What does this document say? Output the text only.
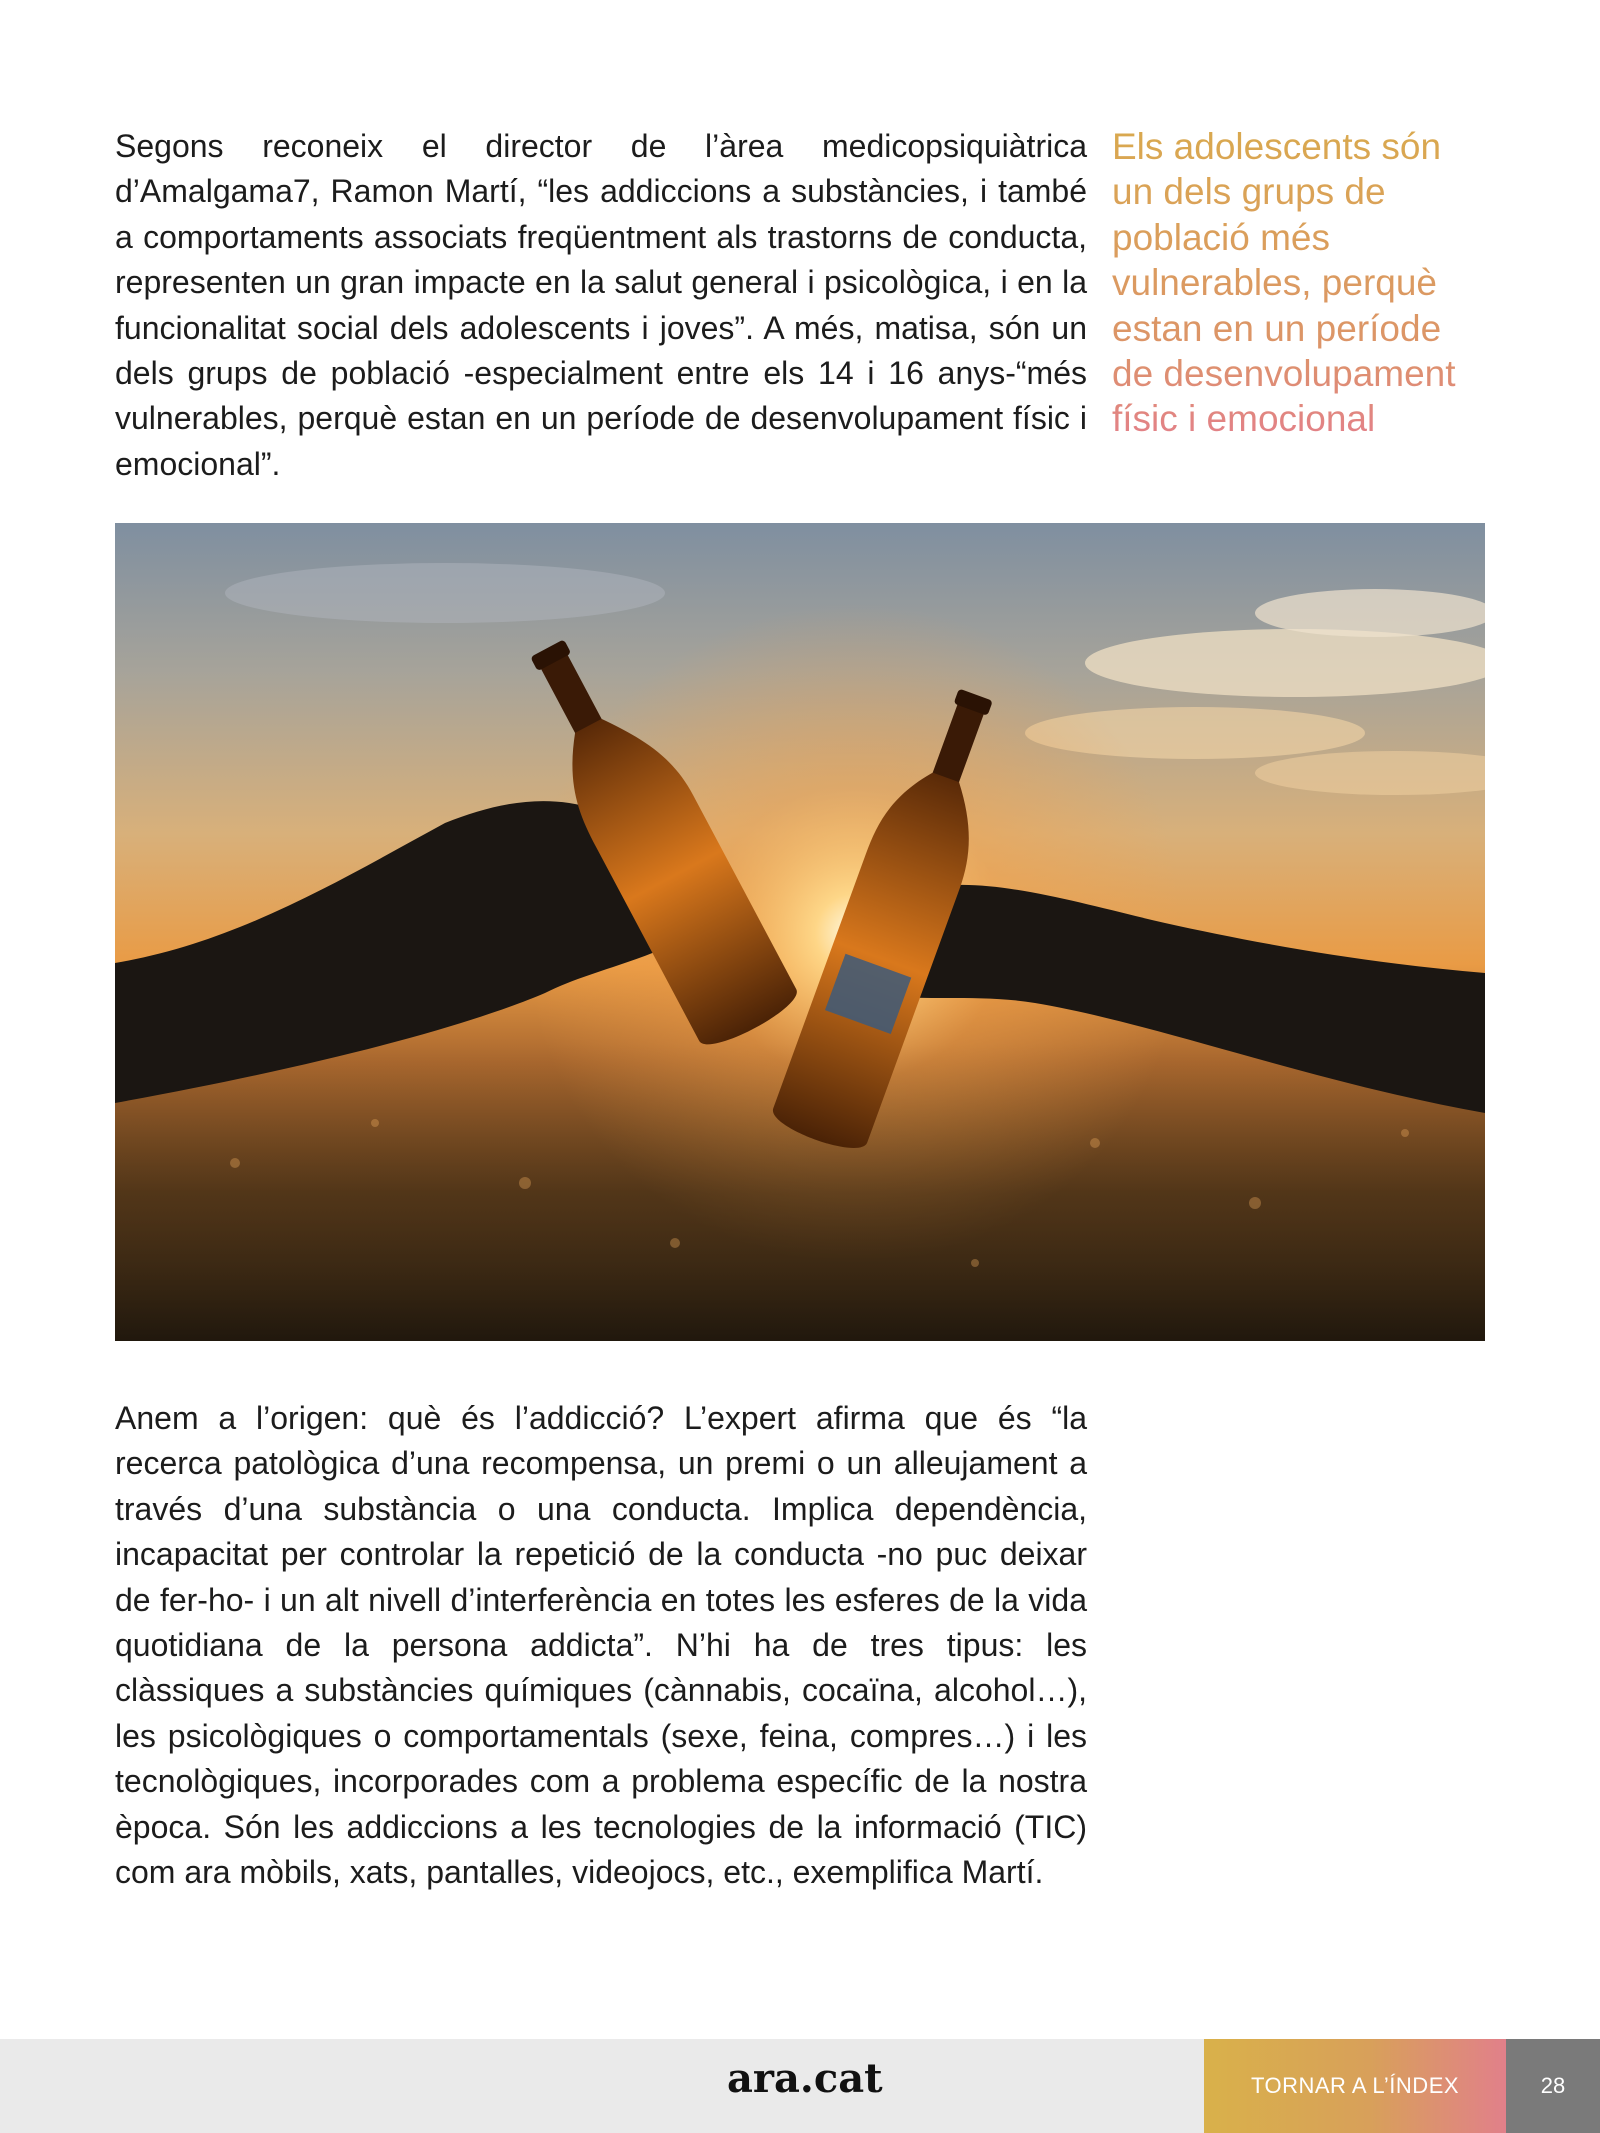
Segons reconeix el director de l’àrea medicopsiquiàtrica d’Amalgama7, Ramon Martí, “les addiccions a substàncies, i també a comportaments associats freqüentment als trastorns de conducta, representen un gran impacte en la salut general i psicològica, i en la funcionalitat social dels adolescents i joves”. A més, matisa, són un dels grups de població -especialment entre els 14 i 16 anys-“més vulnerables, perquè estan en un període de desenvolupament físic i emocional”.

Els adolescents són un dels grups de població més vulnerables, perquè estan en un període de desenvolupament físic i emocional

Anem a l’origen: què és l’addicció? L’expert afirma que és “la recerca patològica d’una recompensa, un premi o un alleujament a través d’una substància o una conducta. Implica dependència, incapacitat per controlar la repetició de la conducta -no puc deixar de fer-ho- i un alt nivell d’interferència en totes les esferes de la vida quotidiana de la persona addicta”. N’hi ha de tres tipus: les clàssiques a substàncies químiques (cànnabis, cocaïna, alcohol…), les psicològiques o comportamentals (sexe, feina, compres…) i les tecnològiques, incorporades com a problema específic de la nostra època. Són les addiccions a les tecnologies de la informació (TIC) com ara mòbils, xats, pantalles, videojocs, etc., exemplifica Martí.

ara.cat	TORNAR A L’ÍNDEX	28
